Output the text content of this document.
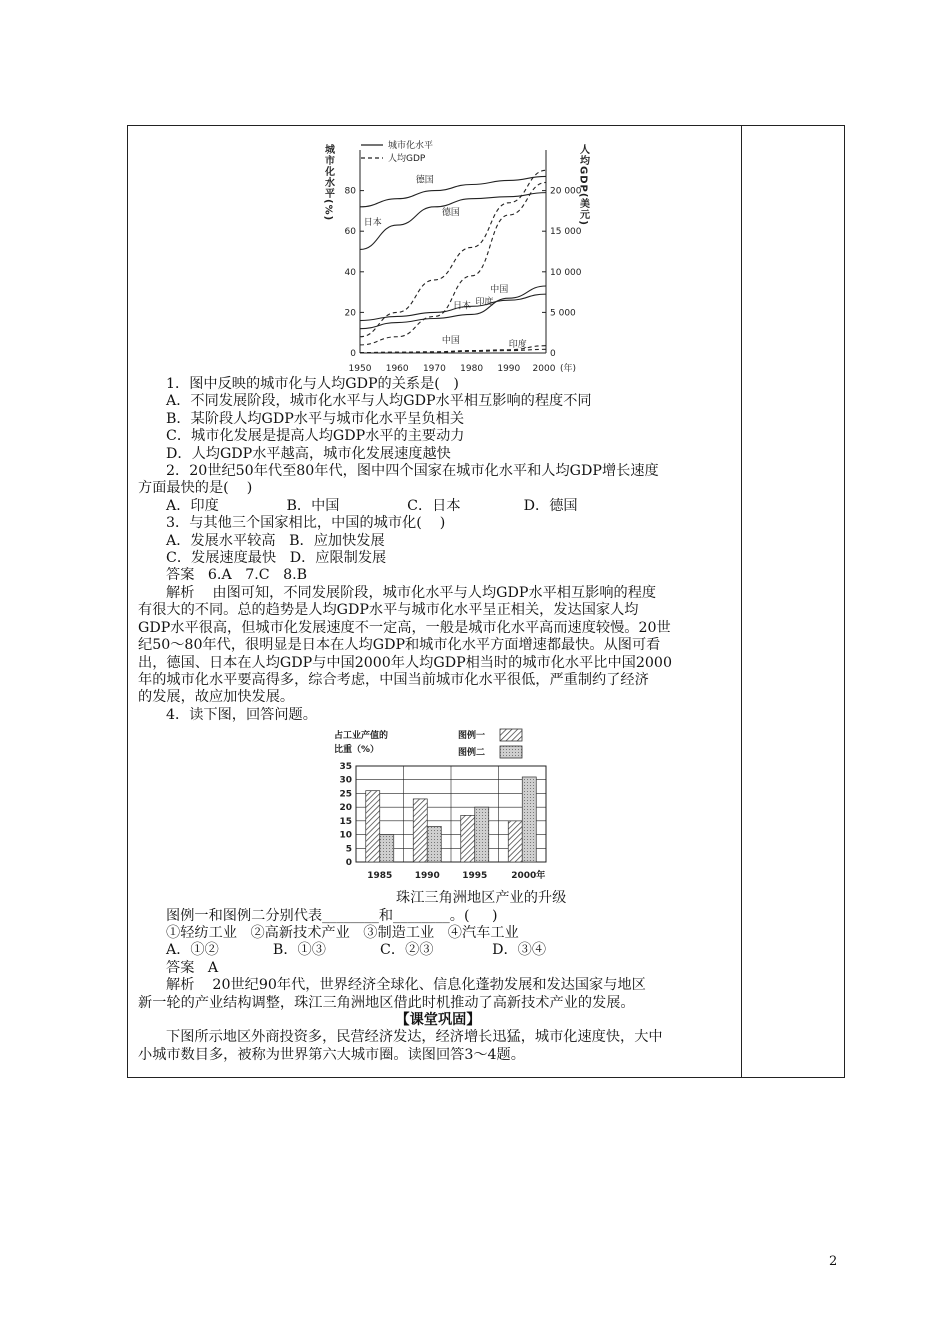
城市化水平(%)	人均GDP(美元)
城市化水平
人均GDP
0
20
40
60
80
0
5 000
10 000
15 000
20 000
1950 1960 1970 1980 1990 2000 (年)
德国
日本
德国
日本 印度
中国
中国	印度
1．图中反映的城市化与人均GDP的关系是(   )
A．不同发展阶段，城市化水平与人均GDP水平相互影响的程度不同
B．某阶段人均GDP水平与城市化水平呈负相关
C．城市化发展是提高人均GDP水平的主要动力
D．人均GDP水平越高，城市化发展速度越快
2．20世纪50年代至80年代，图中四个国家在城市化水平和人均GDP增长速度
方面最快的是(    )
A．印度               B．中国               C．日本              D．德国
3．与其他三个国家相比，中国的城市化(    )
A．发展水平较高   B．应加快发展
C．发展速度最快   D．应限制发展
答案   6.A   7.C   8.B
解析    由图可知，不同发展阶段，城市化水平与人均GDP水平相互影响的程度
有很大的不同。总的趋势是人均GDP水平与城市化水平呈正相关，发达国家人均
GDP水平很高，但城市化发展速度不一定高，一般是城市化水平高而速度较慢。20世
纪50～80年代，很明显是日本在人均GDP和城市化水平方面增速都最快。从图可看
出，德国、日本在人均GDP与中国2000年人均GDP相当时的城市化水平比中国2000
年的城市化水平要高得多，综合考虑，中国当前城市化水平很低，严重制约了经济
的发展，故应加快发展。
4．读下图，回答问题。
占工业产值的
比重（%）
图例一
图例二
0
5
10
15
20
25
30
35
1985 1990 1995	2000年
珠江三角洲地区产业的升级
图例一和图例二分别代表________和________。(     )
①轻纺工业   ②高新技术产业   ③制造工业   ④汽车工业
A．①②            B．①③            C．②③             D．③④
答案   A
解析    20世纪90年代，世界经济全球化、信息化蓬勃发展和发达国家与地区
新一轮的产业结构调整，珠江三角洲地区借此时机推动了高新技术产业的发展。
【课堂巩固】
下图所示地区外商投资多，民营经济发达，经济增长迅猛，城市化速度快，大中
小城市数目多，被称为世界第六大城市圈。读图回答3～4题。
2
